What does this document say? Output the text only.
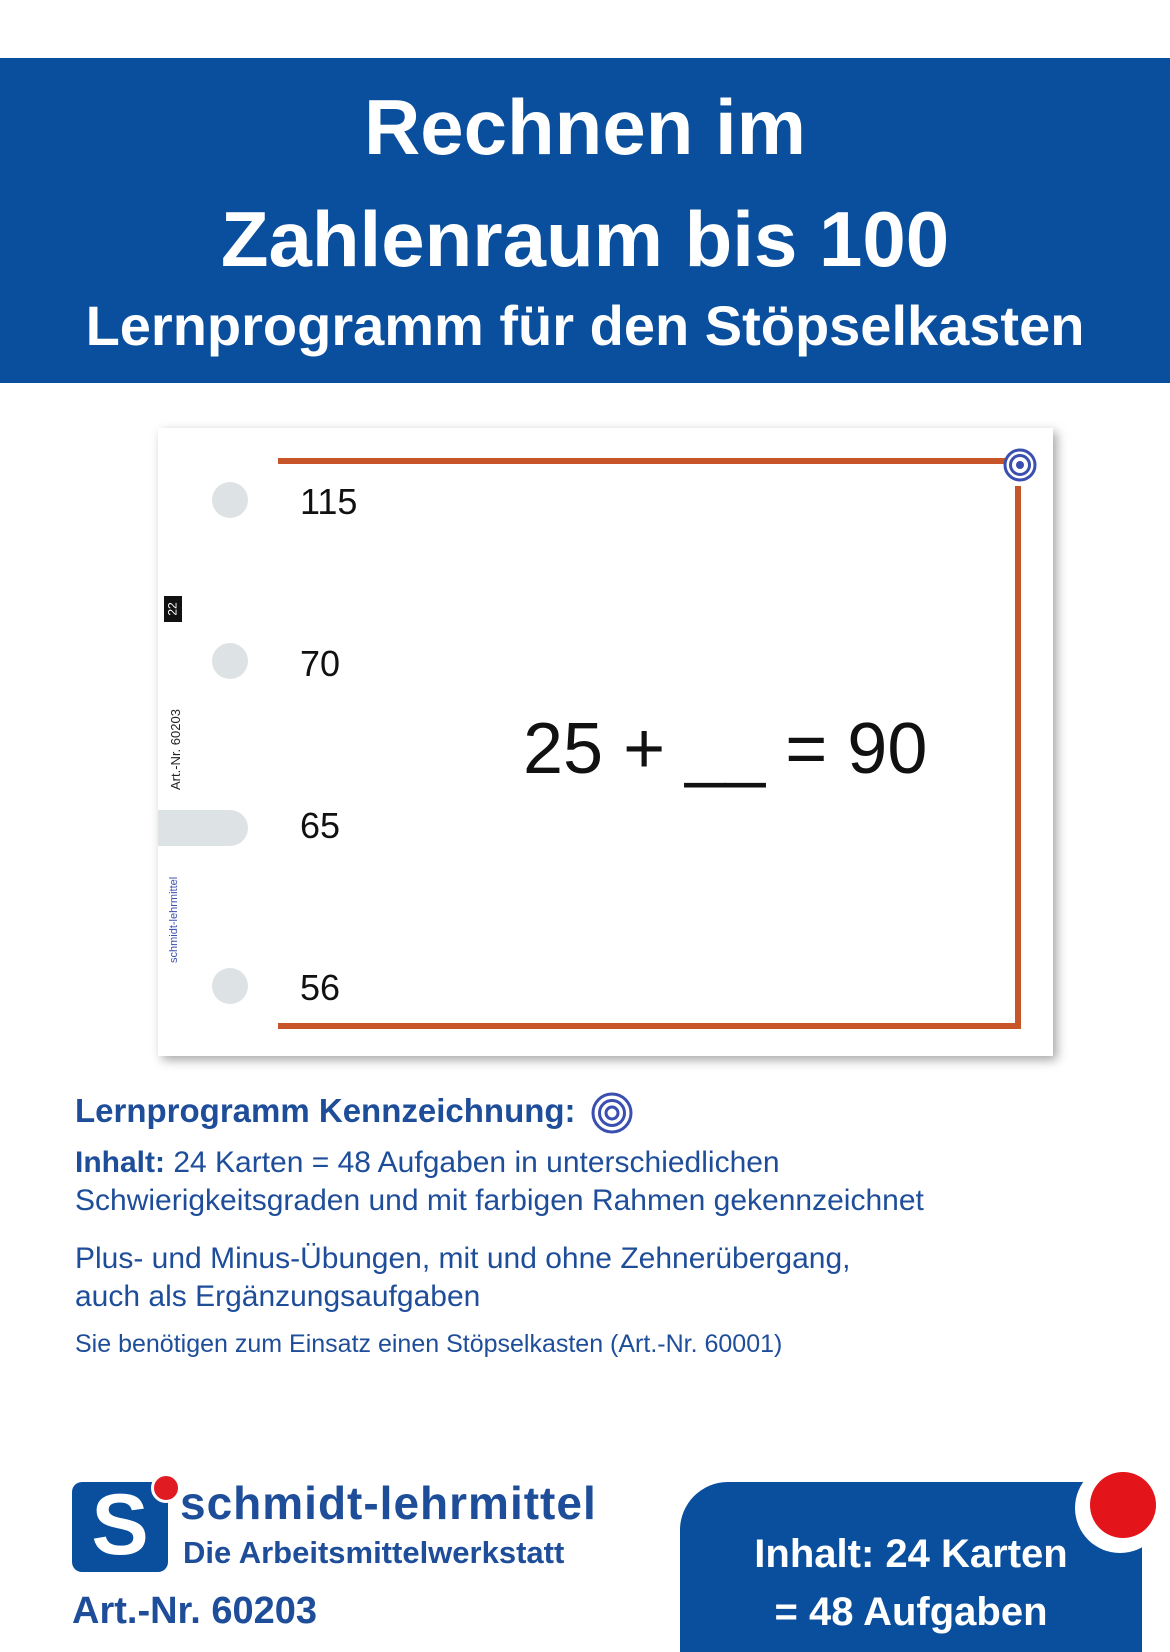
Rechnen im
Zahlenraum bis 100
Lernprogramm für den Stöpselkasten
115
70
65
56
25 + __ = 90
22
Art.-Nr. 60203
schmidt-lehrmittel
Lernprogramm Kennzeichnung:
Inhalt: 24 Karten = 48 Aufgaben in unterschiedlichen
Schwierigkeitsgraden und mit farbigen Rahmen gekennzeichnet
Plus- und Minus-Übungen, mit und ohne Zehnerübergang,
auch als Ergänzungsaufgaben
Sie benötigen zum Einsatz einen Stöpselkasten (Art.-Nr. 60001)
S schmidt-lehrmittel
Die Arbeitsmittelwerkstatt
Art.-Nr. 60203
Inhalt: 24 Karten
= 48 Aufgaben
